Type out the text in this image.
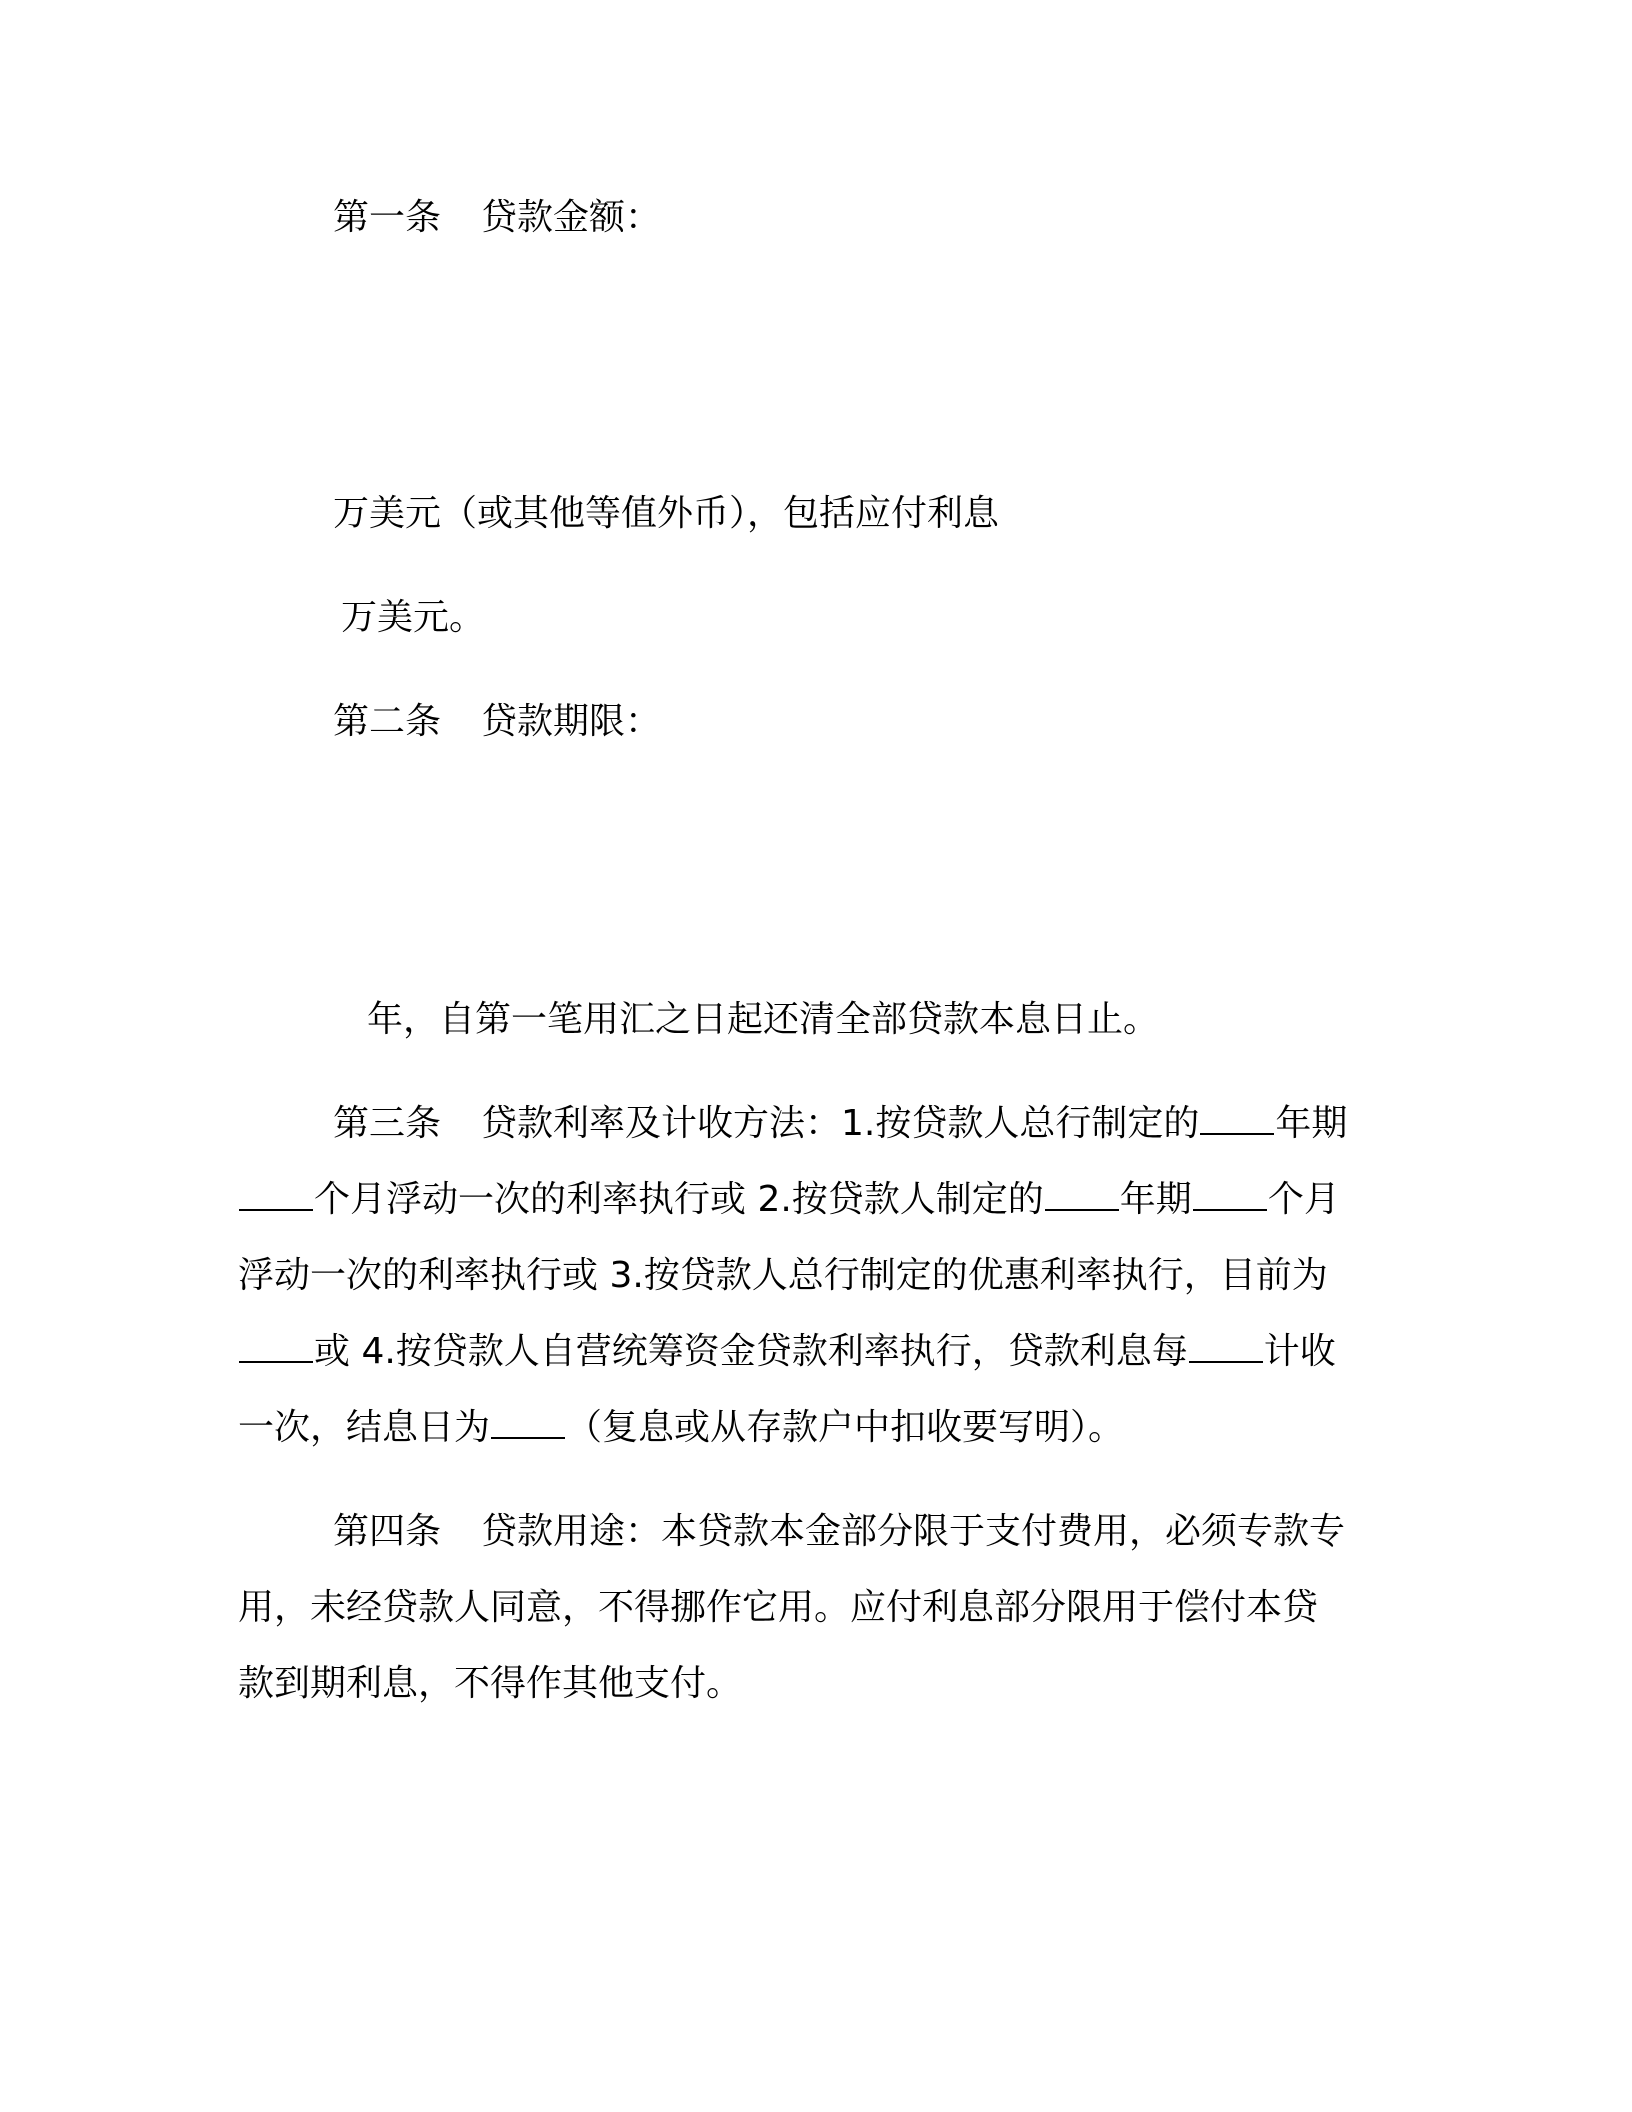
第一条 贷款金额：
万美元（或其他等值外币），包括应付利息
万美元。
第二条 贷款期限：
年，自第一笔用汇之日起还清全部贷款本息日止。
第三条 贷款利率及计收方法：1.按贷款人总行制定的 年期
个月浮动一次的利率执行或 2.按贷款人制定的 年期 个月
浮动一次的利率执行或 3.按贷款人总行制定的优惠利率执行，目前为
或 4.按贷款人自营统筹资金贷款利率执行，贷款利息每 计收
一次，结息日为 （复息或从存款户中扣收要写明）。
第四条 贷款用途：本贷款本金部分限于支付费用，必须专款专
用，未经贷款人同意，不得挪作它用。应付利息部分限用于偿付本贷
款到期利息，不得作其他支付。
